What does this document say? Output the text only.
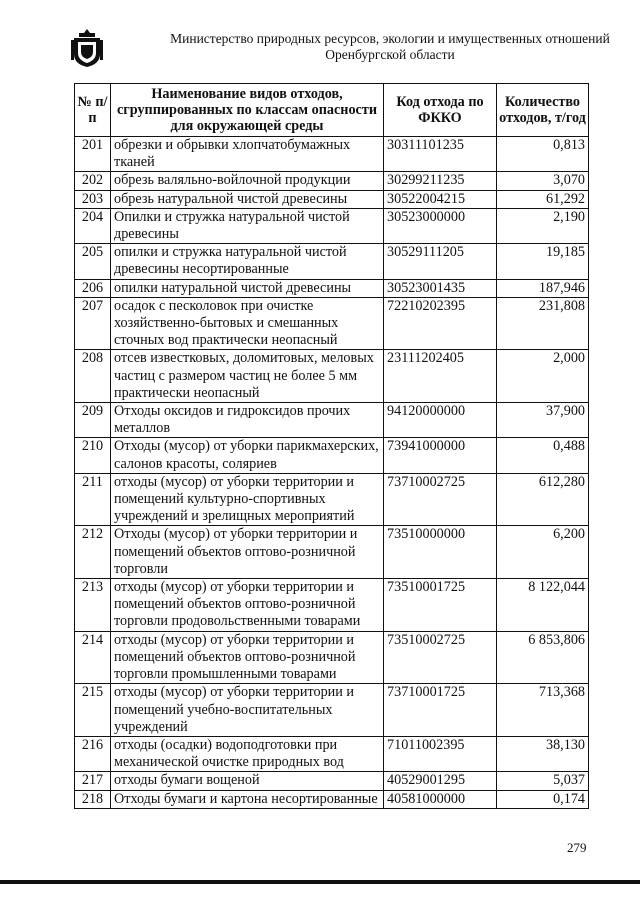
Министерство природных ресурсов, экологии и имущественных отношений
Оренбургской области
№ п/п	Наименование видов отходов, сгруппированных по классам опасности для окружающей среды	Код отхода по ФККО	Количество отходов, т/год
201	обрезки и обрывки хлопчатобумажных тканей	30311101235	0,813
202	обрезь валяльно-войлочной продукции	30299211235	3,070
203	обрезь натуральной чистой древесины	30522004215	61,292
204	Опилки и стружка натуральной чистой древесины	30523000000	2,190
205	опилки и стружка натуральной чистой древесины несортированные	30529111205	19,185
206	опилки натуральной чистой древесины	30523001435	187,946
207	осадок с песколовок при очистке хозяйственно-бытовых и смешанных сточных вод практически неопасный	72210202395	231,808
208	отсев известковых, доломитовых, меловых частиц с размером частиц не более 5 мм практически неопасный	23111202405	2,000
209	Отходы оксидов и гидроксидов прочих металлов	94120000000	37,900
210	Отходы (мусор) от уборки парикмахерских, салонов красоты, соляриев	73941000000	0,488
211	отходы (мусор) от уборки территории и помещений культурно-спортивных учреждений и зрелищных мероприятий	73710002725	612,280
212	Отходы (мусор) от уборки территории и помещений объектов оптово-розничной торговли	73510000000	6,200
213	отходы (мусор) от уборки территории и помещений объектов оптово-розничной торговли продовольственными товарами	73510001725	8 122,044
214	отходы (мусор) от уборки территории и помещений объектов оптово-розничной торговли промышленными товарами	73510002725	6 853,806
215	отходы (мусор) от уборки территории и помещений учебно-воспитательных учреждений	73710001725	713,368
216	отходы (осадки) водоподготовки при механической очистке природных вод	71011002395	38,130
217	отходы бумаги вощеной	40529001295	5,037
218	Отходы бумаги и картона несортированные	40581000000	0,174
279
